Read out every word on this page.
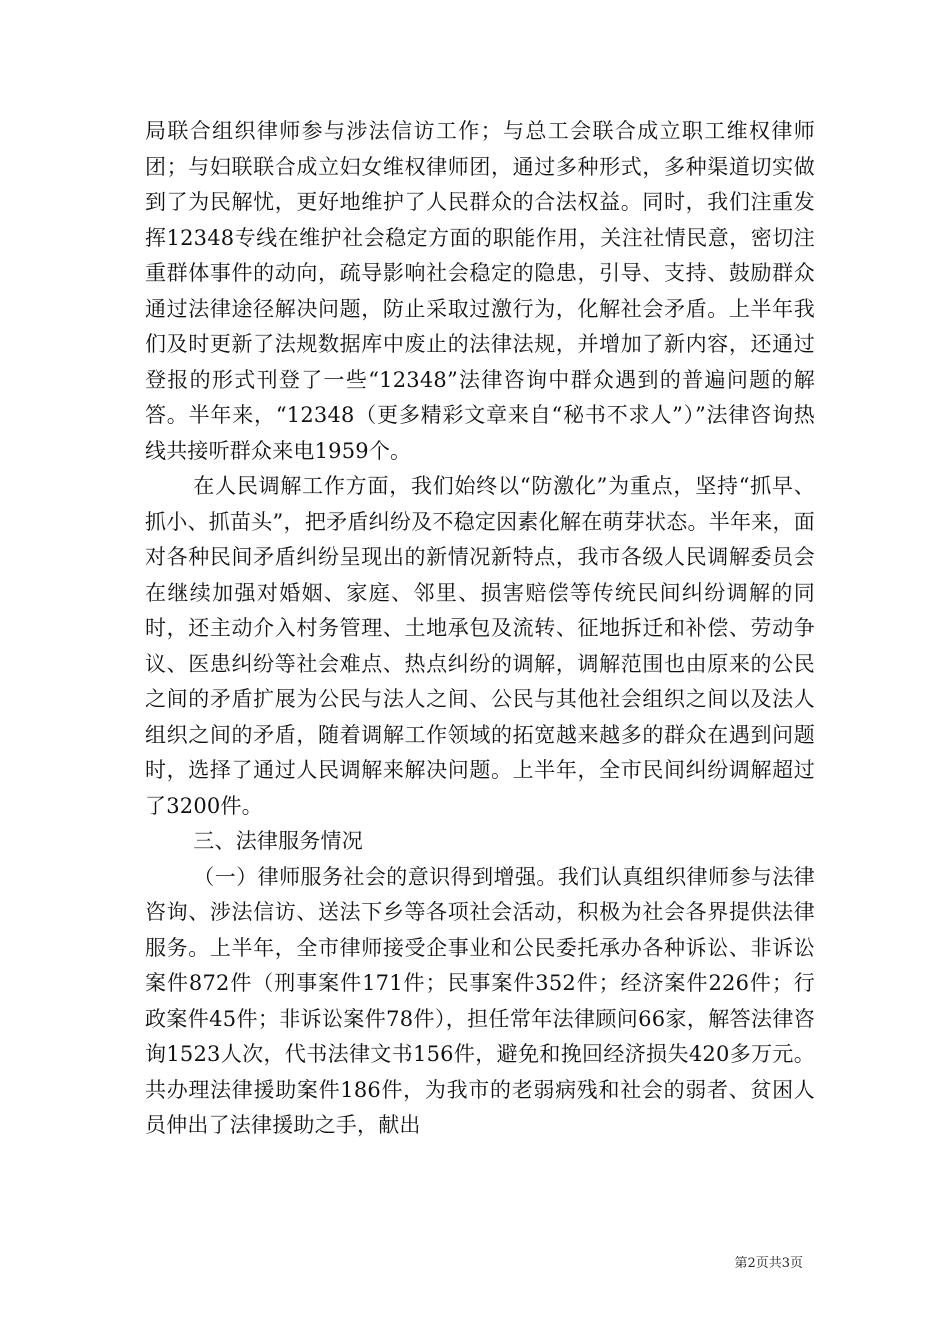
局联合组织律师参与涉法信访工作；与总工会联合成立职工维权律师团；与妇联联合成立妇女维权律师团，通过多种形式，多种渠道切实做到了为民解忧，更好地维护了人民群众的合法权益。同时，我们注重发挥12348专线在维护社会稳定方面的职能作用，关注社情民意，密切注重群体事件的动向，疏导影响社会稳定的隐患，引导、支持、鼓励群众通过法律途径解决问题，防止采取过激行为，化解社会矛盾。上半年我们及时更新了法规数据库中废止的法律法规，并增加了新内容，还通过登报的形式刊登了一些“12348”法律咨询中群众遇到的普遍问题的解答。半年来，“12348（更多精彩文章来自“秘书不求人”）”法律咨询热线共接听群众来电1959个。

在人民调解工作方面，我们始终以“防激化”为重点，坚持“抓早、抓小、抓苗头”，把矛盾纠纷及不稳定因素化解在萌芽状态。半年来，面对各种民间矛盾纠纷呈现出的新情况新特点，我市各级人民调解委员会在继续加强对婚姻、家庭、邻里、损害赔偿等传统民间纠纷调解的同时，还主动介入村务管理、土地承包及流转、征地拆迁和补偿、劳动争议、医患纠纷等社会难点、热点纠纷的调解，调解范围也由原来的公民之间的矛盾扩展为公民与法人之间、公民与其他社会组织之间以及法人组织之间的矛盾，随着调解工作领域的拓宽越来越多的群众在遇到问题时，选择了通过人民调解来解决问题。上半年，全市民间纠纷调解超过了3200件。

三、法律服务情况

（一）律师服务社会的意识得到增强。我们认真组织律师参与法律咨询、涉法信访、送法下乡等各项社会活动，积极为社会各界提供法律服务。上半年，全市律师接受企事业和公民委托承办各种诉讼、非诉讼案件872件（刑事案件171件；民事案件352件；经济案件226件；行政案件45件；非诉讼案件78件），担任常年法律顾问66家，解答法律咨询1523人次，代书法律文书156件，避免和挽回经济损失420多万元。共办理法律援助案件186件，为我市的老弱病残和社会的弱者、贫困人员伸出了法律援助之手，献出

第2页共3页
